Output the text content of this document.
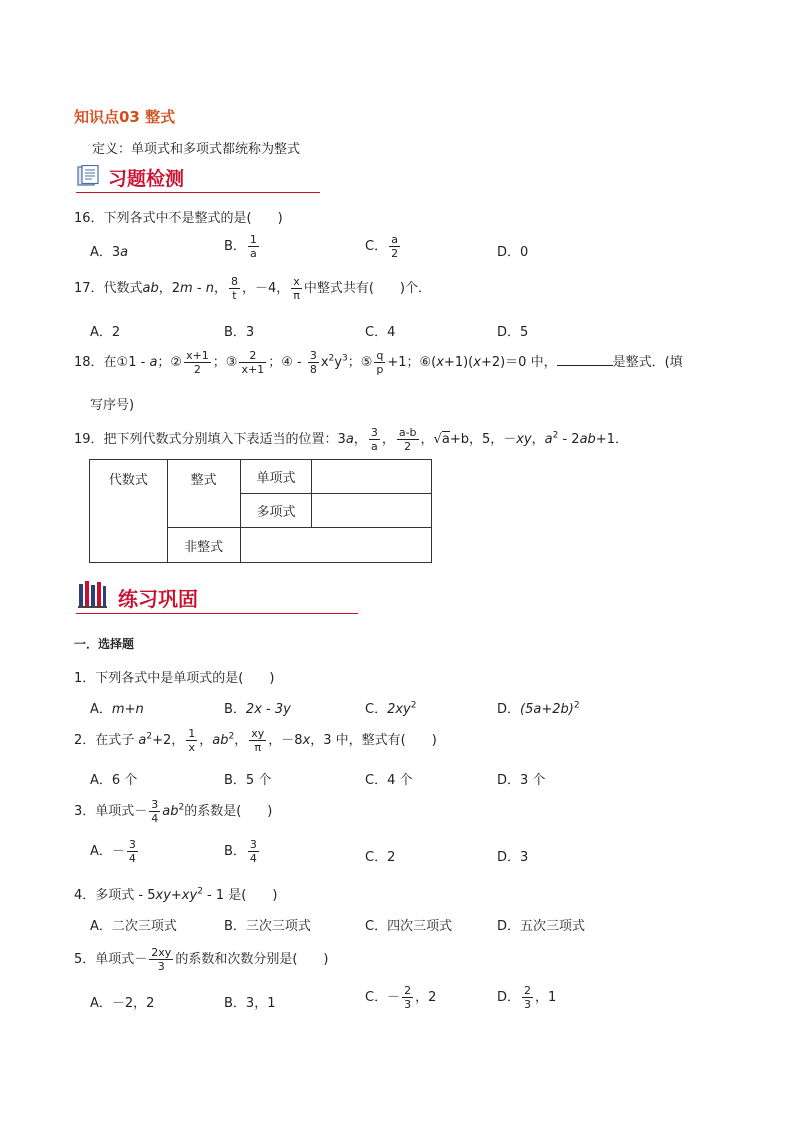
知识点03 整式
定义：单项式和多项式都统称为整式
习题检测
16．下列各式中不是整式的是(　　)
A．3a	B． $\frac{1}{a}$	C． $\frac{a}{2}$	D．0
17．代数式ab，2m - n， $\frac{8}{t}$ ，－4， $\frac{x}{\pi}$ 中整式共有(　　)个．
A．2	B．3	C．4	D．5
18．在①1 - a；② $\frac{x+1}{2}$ ；③ $\frac{2}{x+1}$ ；④ - $\frac{3}{8} x^2y^3$；⑤ $\frac{q}{p} +1$；⑥(x+1)(x+2)＝0 中，	是整式．(填
写序号)
19．把下列代数式分别填入下表适当的位置：3a， $\frac{3}{a}$ ， $\frac{a-b}{2}$ ，√a+b，5，－xy，$a^2 - 2ab+1$．
代数式	整式	单项式	
		多项式	
	非整式		
练习巩固
一．选择题
1．下列各式中是单项式的是(　　)
A．m+n	B．2x - 3y	C．$2xy^2$	D．$(5a+2b)^2$
2．在式子 $a^2+2$， $\frac{1}{x}$ ，$ab^2$， $\frac{xy}{\pi}$ ，－8x，3 中，整式有(　　)
A．6 个	B．5 个	C．4 个	D．3 个
3．单项式－ $\frac{3}{4} ab^2$的系数是(　　)
A．－ $\frac{3}{4}$	B． $\frac{3}{4}$	C．2	D．3
4．多项式 - $5xy+xy^2 - 1$ 是(　　)
A．二次三项式	B．三次三项式	C．四次三项式	D．五次三项式
5．单项式－ $\frac{2xy}{3}$ 的系数和次数分别是(　　)
A．－2，2	B．3，1	C．－ $\frac{2}{3}$ ，2	D． $\frac{2}{3}$ ，1
